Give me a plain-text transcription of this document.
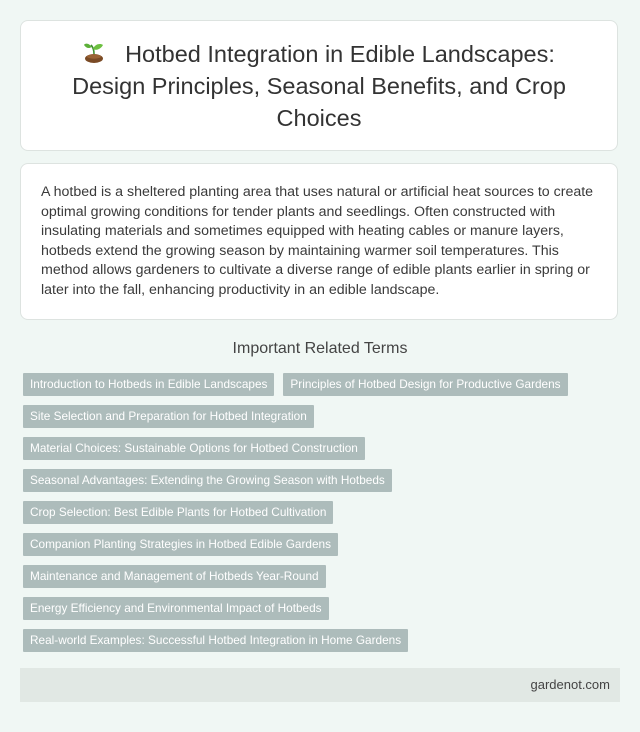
Hotbed Integration in Edible Landscapes: Design Principles, Seasonal Benefits, and Crop Choices

A hotbed is a sheltered planting area that uses natural or artificial heat sources to create optimal growing conditions for tender plants and seedlings. Often constructed with insulating materials and sometimes equipped with heating cables or manure layers, hotbeds extend the growing season by maintaining warmer soil temperatures. This method allows gardeners to cultivate a diverse range of edible plants earlier in spring or later into the fall, enhancing productivity in an edible landscape.

Important Related Terms
Introduction to Hotbeds in Edible Landscapes	Principles of Hotbed Design for Productive Gardens
Site Selection and Preparation for Hotbed Integration
Material Choices: Sustainable Options for Hotbed Construction
Seasonal Advantages: Extending the Growing Season with Hotbeds
Crop Selection: Best Edible Plants for Hotbed Cultivation
Companion Planting Strategies in Hotbed Edible Gardens
Maintenance and Management of Hotbeds Year-Round
Energy Efficiency and Environmental Impact of Hotbeds
Real-world Examples: Successful Hotbed Integration in Home Gardens
gardenot.com
